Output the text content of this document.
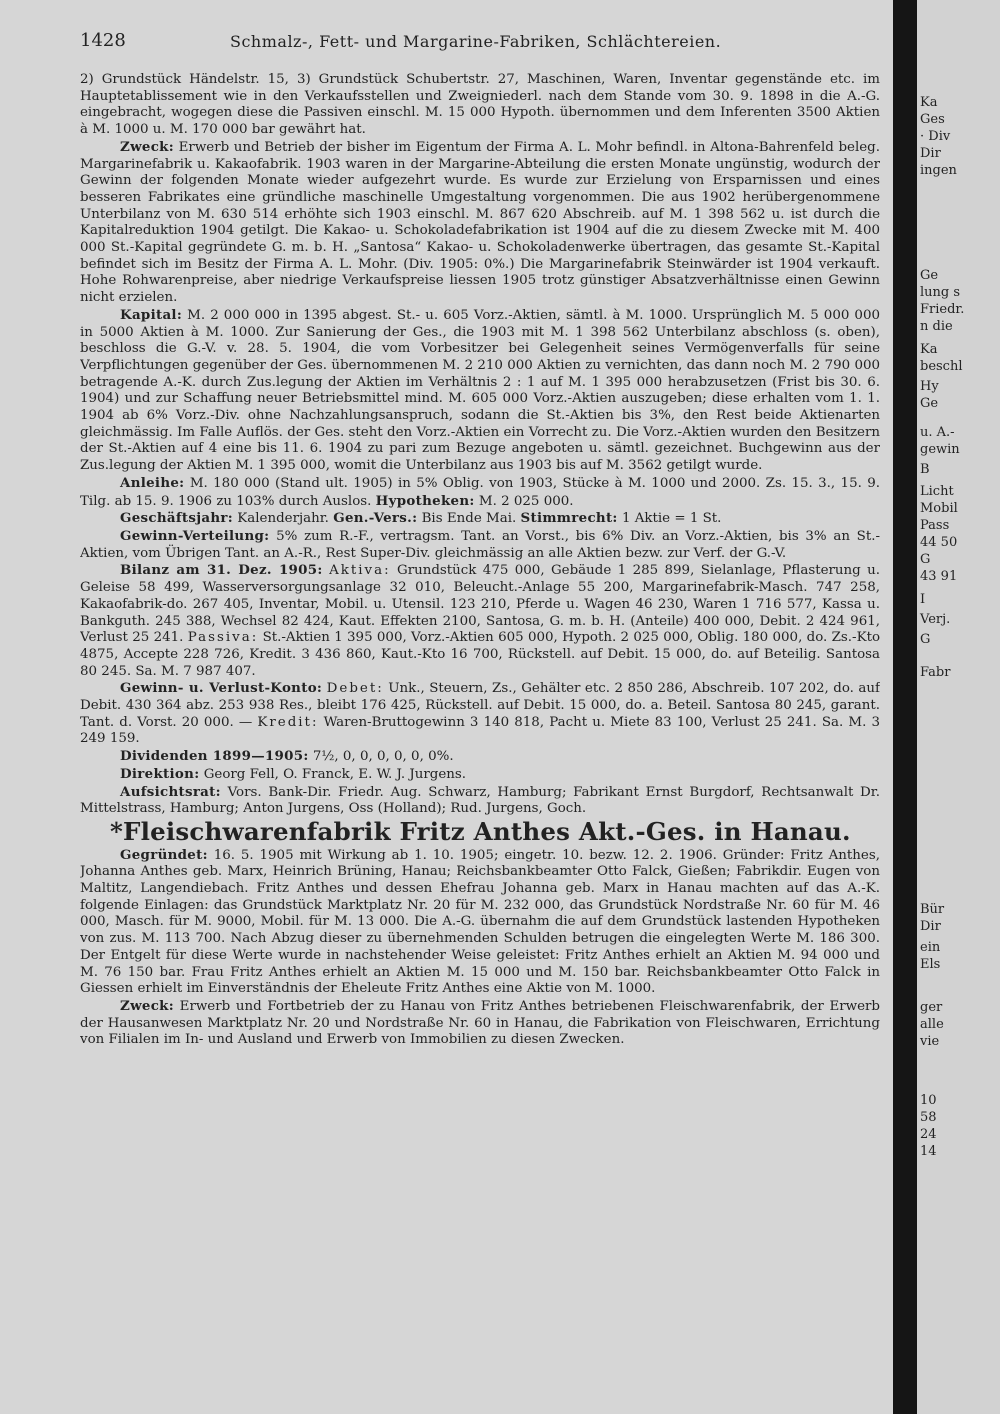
1428	Schmalz-, Fett- und Margarine-Fabriken, Schlächtereien.

2) Grundstück Händelstr. 15, 3) Grundstück Schubertstr. 27, Maschinen, Waren, Inventar gegenstände etc. im Hauptetablissement wie in den Verkaufsstellen und Zweigniederl. nach dem Stande vom 30. 9. 1898 in die A.-G. eingebracht, wogegen diese die Passiven einschl. M. 15 000 Hypoth. übernommen und dem Inferenten 3500 Aktien à M. 1000 u. M. 170 000 bar gewährt hat.

Zweck: Erwerb und Betrieb der bisher im Eigentum der Firma A. L. Mohr befindl. in Altona-Bahrenfeld beleg. Margarinefabrik u. Kakaofabrik. 1903 waren in der Margarine-Abteilung die ersten Monate ungünstig, wodurch der Gewinn der folgenden Monate wieder aufgezehrt wurde. Es wurde zur Erzielung von Ersparnissen und eines besseren Fabrikates eine gründliche maschinelle Umgestaltung vorgenommen. Die aus 1902 herübergenommene Unterbilanz von M. 630 514 erhöhte sich 1903 einschl. M. 867 620 Abschreib. auf M. 1 398 562 u. ist durch die Kapitalreduktion 1904 getilgt. Die Kakao- u. Schokoladefabrikation ist 1904 auf die zu diesem Zwecke mit M. 400 000 St.-Kapital gegründete G. m. b. H. „Santosa“ Kakao- u. Schokoladenwerke übertragen, das gesamte St.-Kapital befindet sich im Besitz der Firma A. L. Mohr. (Div. 1905: 0%.) Die Margarinefabrik Steinwärder ist 1904 verkauft. Hohe Rohwarenpreise, aber niedrige Verkaufspreise liessen 1905 trotz günstiger Absatzverhältnisse einen Gewinn nicht erzielen.

Kapital: M. 2 000 000 in 1395 abgest. St.- u. 605 Vorz.-Aktien, sämtl. à M. 1000. Ursprünglich M. 5 000 000 in 5000 Aktien à M. 1000. Zur Sanierung der Ges., die 1903 mit M. 1 398 562 Unterbilanz abschloss (s. oben), beschloss die G.-V. v. 28. 5. 1904, die vom Vorbesitzer bei Gelegenheit seines Vermögenverfalls für seine Verpflichtungen gegenüber der Ges. übernommenen M. 2 210 000 Aktien zu vernichten, das dann noch M. 2 790 000 betragende A.-K. durch Zus.legung der Aktien im Verhältnis 2 : 1 auf M. 1 395 000 herabzusetzen (Frist bis 30. 6. 1904) und zur Schaffung neuer Betriebsmittel mind. M. 605 000 Vorz.-Aktien auszugeben; diese erhalten vom 1. 1. 1904 ab 6% Vorz.-Div. ohne Nachzahlungsanspruch, sodann die St.-Aktien bis 3%, den Rest beide Aktienarten gleichmässig. Im Falle Auflös. der Ges. steht den Vorz.-Aktien ein Vorrecht zu. Die Vorz.-Aktien wurden den Besitzern der St.-Aktien auf 4 eine bis 11. 6. 1904 zu pari zum Bezuge angeboten u. sämtl. gezeichnet. Buchgewinn aus der Zus.legung der Aktien M. 1 395 000, womit die Unterbilanz aus 1903 bis auf M. 3562 getilgt wurde.

Anleihe: M. 180 000 (Stand ult. 1905) in 5% Oblig. von 1903, Stücke à M. 1000 und 2000. Zs. 15. 3., 15. 9. Tilg. ab 15. 9. 1906 zu 103% durch Auslos. Hypotheken: M. 2 025 000.

Geschäftsjahr: Kalenderjahr. Gen.-Vers.: Bis Ende Mai. Stimmrecht: 1 Aktie = 1 St.

Gewinn-Verteilung: 5% zum R.-F., vertragsm. Tant. an Vorst., bis 6% Div. an Vorz.-Aktien, bis 3% an St.-Aktien, vom Übrigen Tant. an A.-R., Rest Super-Div. gleichmässig an alle Aktien bezw. zur Verf. der G.-V.

Bilanz am 31. Dez. 1905: Aktiva: Grundstück 475 000, Gebäude 1 285 899, Sielanlage, Pflasterung u. Geleise 58 499, Wasserversorgungsanlage 32 010, Beleucht.-Anlage 55 200, Margarinefabrik-Masch. 747 258, Kakaofabrik-do. 267 405, Inventar, Mobil. u. Utensil. 123 210, Pferde u. Wagen 46 230, Waren 1 716 577, Kassa u. Bankguth. 245 388, Wechsel 82 424, Kaut. Effekten 2100, Santosa, G. m. b. H. (Anteile) 400 000, Debit. 2 424 961, Verlust 25 241. Passiva: St.-Aktien 1 395 000, Vorz.-Aktien 605 000, Hypoth. 2 025 000, Oblig. 180 000, do. Zs.-Kto 4875, Accepte 228 726, Kredit. 3 436 860, Kaut.-Kto 16 700, Rückstell. auf Debit. 15 000, do. auf Beteilig. Santosa 80 245. Sa. M. 7 987 407.

Gewinn- u. Verlust-Konto: Debet: Unk., Steuern, Zs., Gehälter etc. 2 850 286, Abschreib. 107 202, do. auf Debit. 430 364 abz. 253 938 Res., bleibt 176 425, Rückstell. auf Debit. 15 000, do. a. Beteil. Santosa 80 245, garant. Tant. d. Vorst. 20 000. — Kredit: Waren-Bruttogewinn 3 140 818, Pacht u. Miete 83 100, Verlust 25 241. Sa. M. 3 249 159.

Dividenden 1899—1905: 7½, 0, 0, 0, 0, 0, 0%.

Direktion: Georg Fell, O. Franck, E. W. J. Jurgens.

Aufsichtsrat: Vors. Bank-Dir. Friedr. Aug. Schwarz, Hamburg; Fabrikant Ernst Burgdorf, Rechtsanwalt Dr. Mittelstrass, Hamburg; Anton Jurgens, Oss (Holland); Rud. Jurgens, Goch.

*Fleischwarenfabrik Fritz Anthes Akt.-Ges. in Hanau.

Gegründet: 16. 5. 1905 mit Wirkung ab 1. 10. 1905; eingetr. 10. bezw. 12. 2. 1906. Gründer: Fritz Anthes, Johanna Anthes geb. Marx, Heinrich Brüning, Hanau; Reichsbankbeamter Otto Falck, Gießen; Fabrikdir. Eugen von Maltitz, Langendiebach. Fritz Anthes und dessen Ehefrau Johanna geb. Marx in Hanau machten auf das A.-K. folgende Einlagen: das Grundstück Marktplatz Nr. 20 für M. 232 000, das Grundstück Nordstraße Nr. 60 für M. 46 000, Masch. für M. 9000, Mobil. für M. 13 000. Die A.-G. übernahm die auf dem Grundstück lastenden Hypotheken von zus. M. 113 700. Nach Abzug dieser zu übernehmenden Schulden betrugen die eingelegten Werte M. 186 300. Der Entgelt für diese Werte wurde in nachstehender Weise geleistet: Fritz Anthes erhielt an Aktien M. 94 000 und M. 76 150 bar. Frau Fritz Anthes erhielt an Aktien M. 15 000 und M. 150 bar. Reichsbankbeamter Otto Falck in Giessen erhielt im Einverständnis der Eheleute Fritz Anthes eine Aktie von M. 1000.

Zweck: Erwerb und Fortbetrieb der zu Hanau von Fritz Anthes betriebenen Fleischwarenfabrik, der Erwerb der Hausanwesen Marktplatz Nr. 20 und Nordstraße Nr. 60 in Hanau, die Fabrikation von Fleischwaren, Errichtung von Filialen im In- und Ausland und Erwerb von Immobilien zu diesen Zwecken.

Ka
Ges
· Div
Dir
ingen
Ge
lung s
Friedr.
n die
Ka
beschl
Hy
Ge
u. A.-
gewin
B
Licht
Mobil
Pass
44 50
G
43 91
I
Verj.
G
Fabr
Bür
Dir
ein
Els
ger
alle
vie
10
58
24
14
